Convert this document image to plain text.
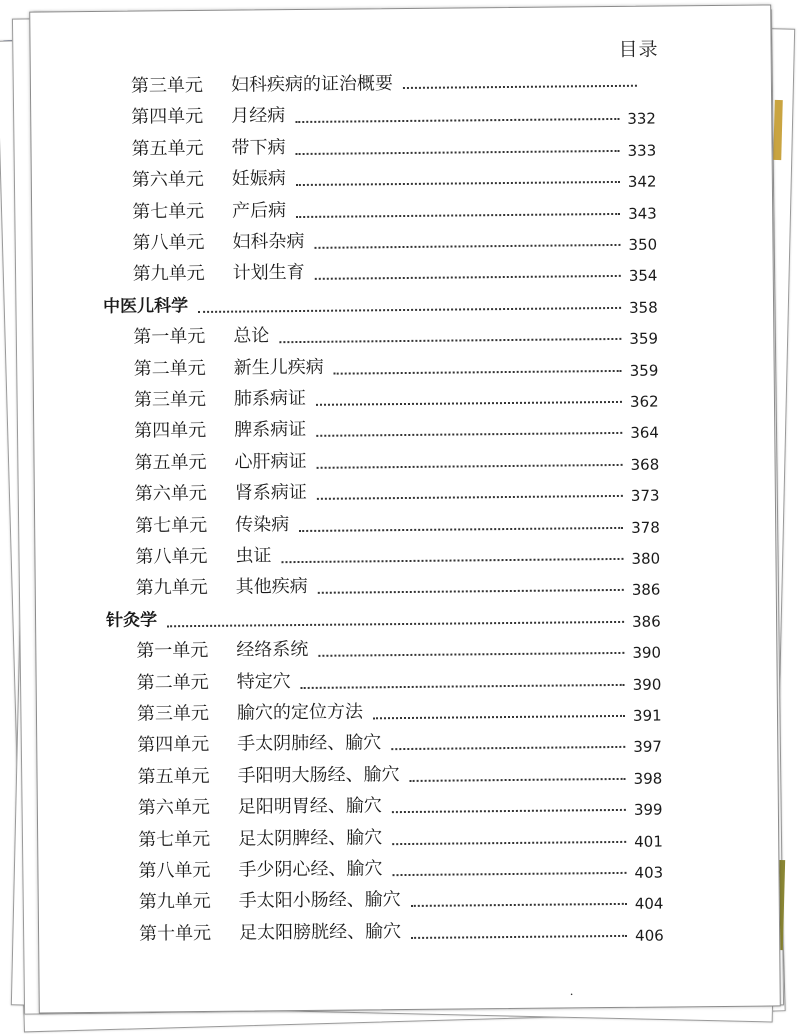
目录
第三单元 妇科疾病的证治概要
第四单元 月经病	332
第五单元 带下病	333
第六单元 妊娠病	342
第七单元 产后病	343
第八单元 妇科杂病	350
第九单元 计划生育	354
中医儿科学	358
第一单元 总论	359
第二单元 新生儿疾病	359
第三单元 肺系病证	362
第四单元 脾系病证	364
第五单元 心肝病证	368
第六单元 肾系病证	373
第七单元 传染病	378
第八单元 虫证	380
第九单元 其他疾病	386
针灸学	386
第一单元 经络系统	390
第二单元 特定穴	390
第三单元 腧穴的定位方法	391
第四单元 手太阴肺经、腧穴	397
第五单元 手阳明大肠经、腧穴	398
第六单元 足阳明胃经、腧穴	399
第七单元 足太阴脾经、腧穴	401
第八单元 手少阴心经、腧穴	403
第九单元 手太阳小肠经、腧穴	404
第十单元 足太阳膀胱经、腧穴	406
·
